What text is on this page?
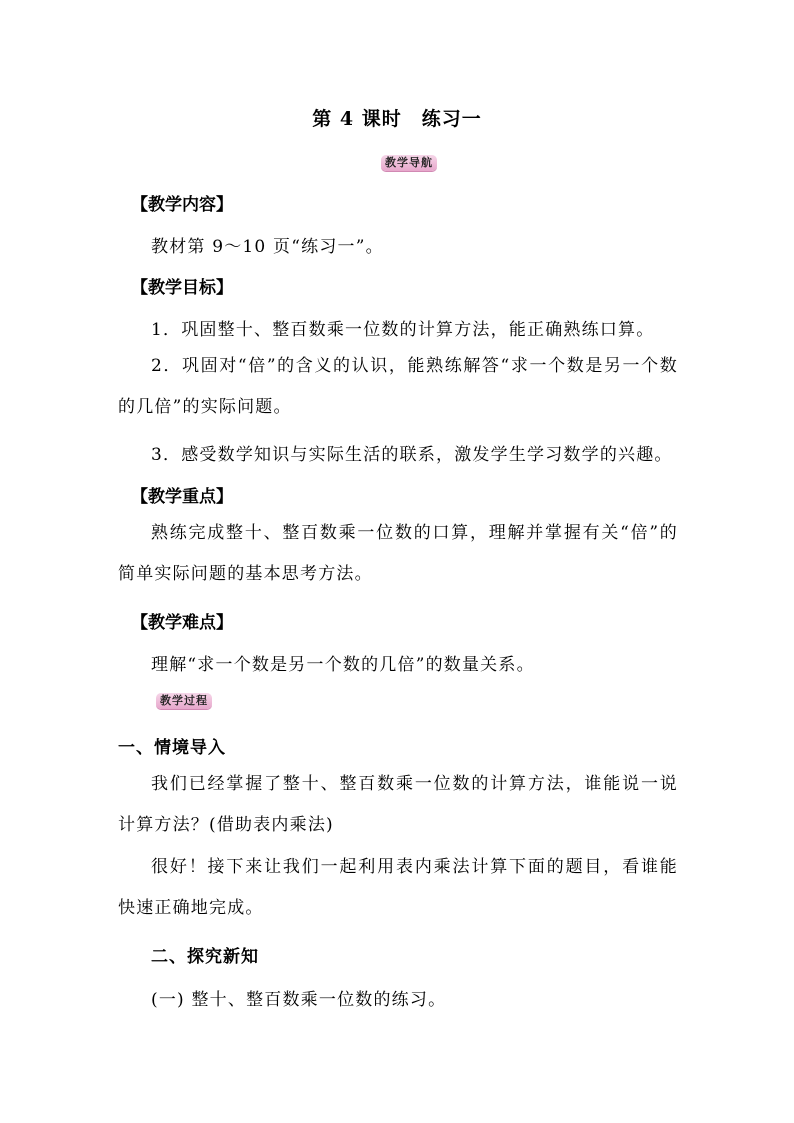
第 4 课时　练习一
教学导航
【教学内容】
教材第 9～10 页“练习一”。
【教学目标】
1．巩固整十、整百数乘一位数的计算方法，能正确熟练口算。
2．巩固对“倍”的含义的认识，能熟练解答“求一个数是另一个数的几倍”的实际问题。
3．感受数学知识与实际生活的联系，激发学生学习数学的兴趣。
【教学重点】
熟练完成整十、整百数乘一位数的口算，理解并掌握有关“倍”的简单实际问题的基本思考方法。
【教学难点】
理解“求一个数是另一个数的几倍”的数量关系。
教学过程
一、情境导入
我们已经掌握了整十、整百数乘一位数的计算方法，谁能说一说计算方法？(借助表内乘法)
很好！接下来让我们一起利用表内乘法计算下面的题目，看谁能快速正确地完成。
二、探究新知
(一) 整十、整百数乘一位数的练习。
